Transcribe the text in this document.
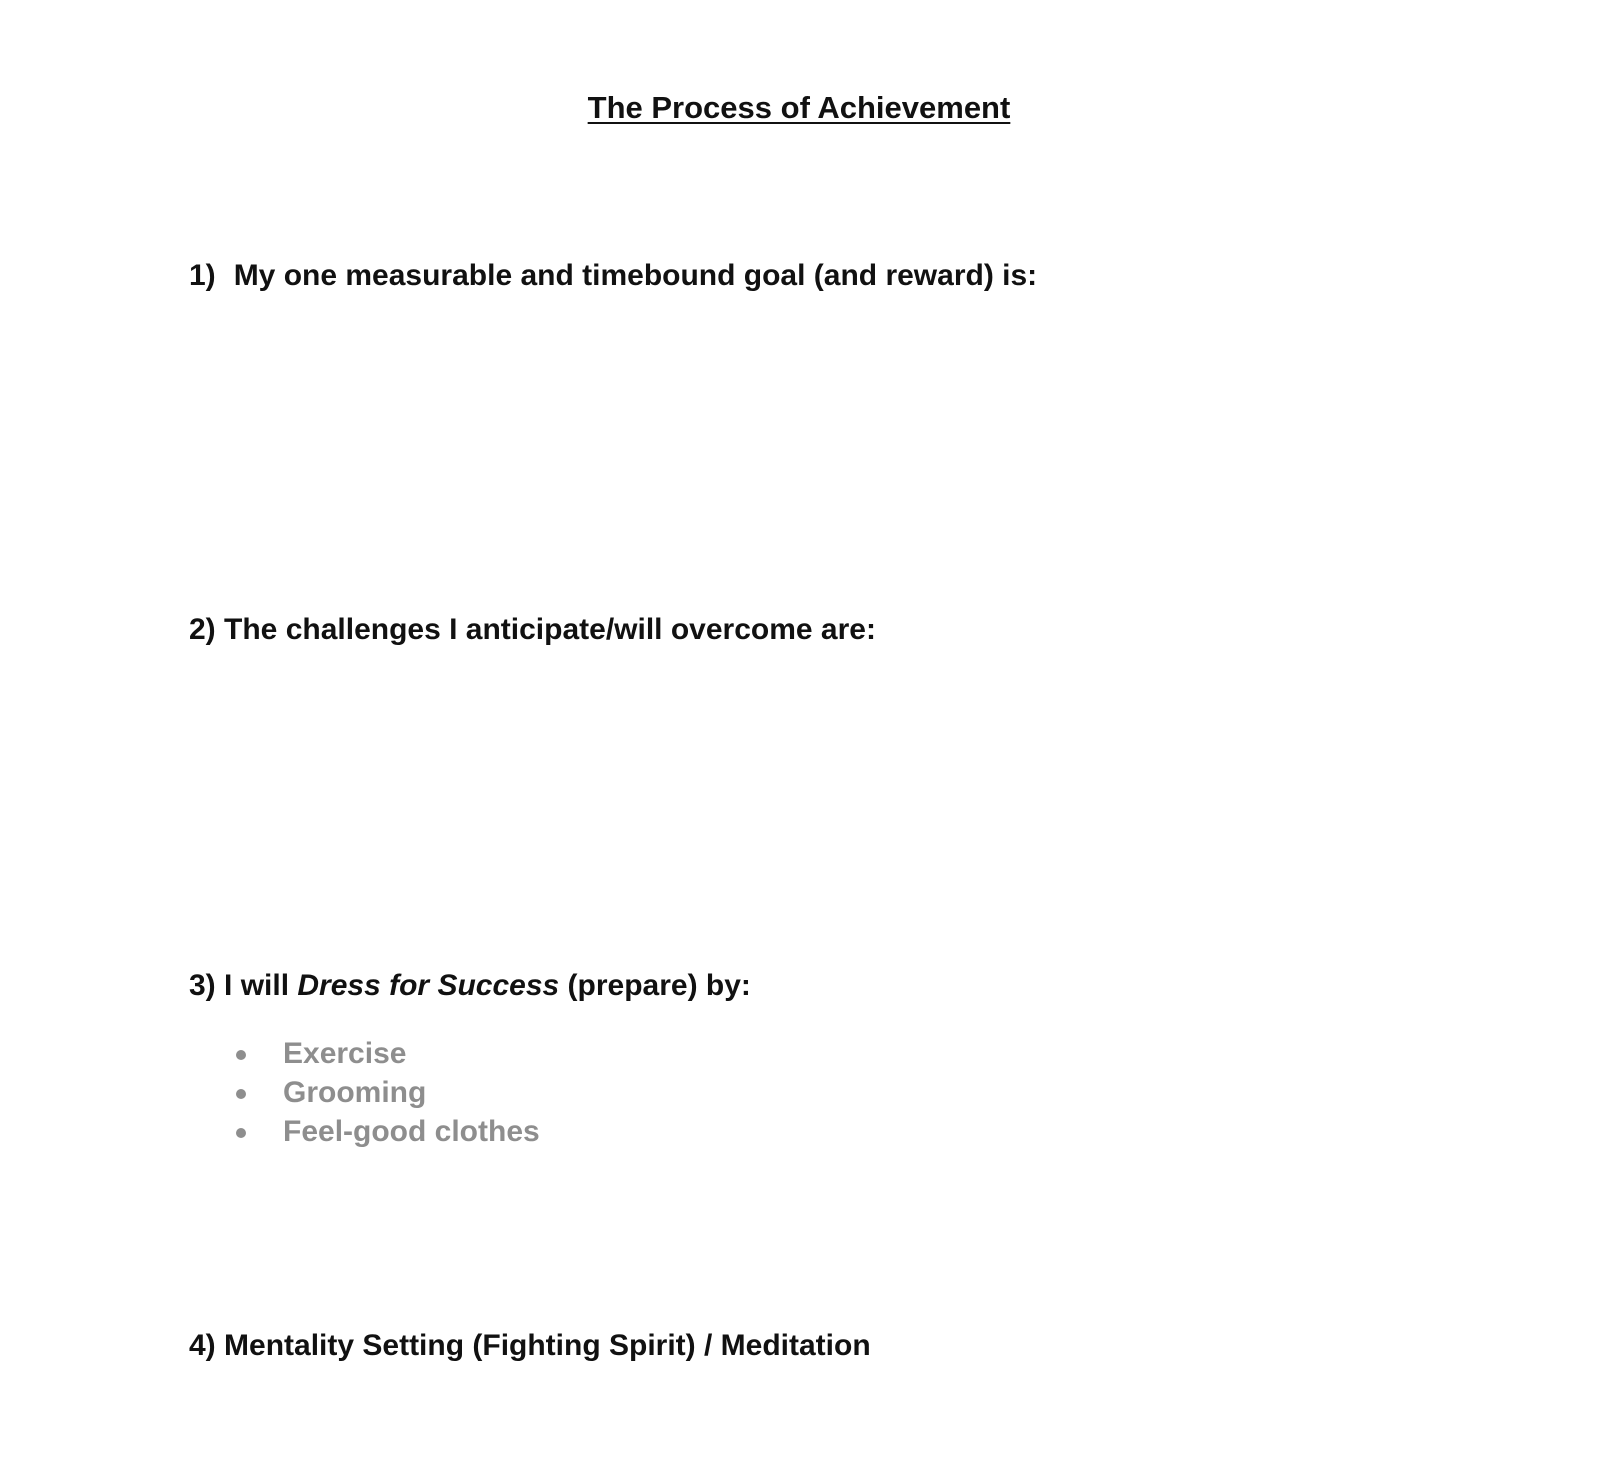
The Process of Achievement
1) My one measurable and timebound goal (and reward) is:
2) The challenges I anticipate/will overcome are:
3) I will Dress for Success (prepare) by:
Exercise
Grooming
Feel-good clothes
4) Mentality Setting (Fighting Spirit) / Meditation
